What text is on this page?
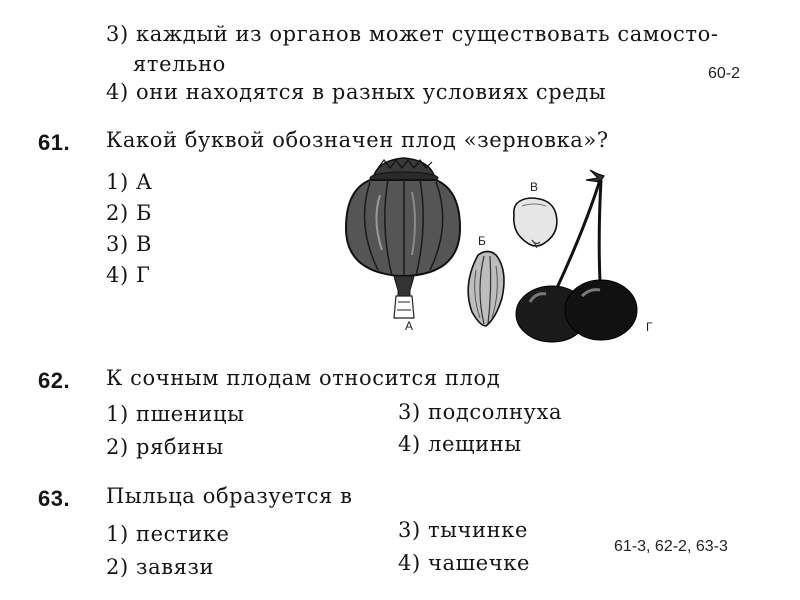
3) каждый из органов может существовать самосто-
ятельно
4) они находятся в разных условиях среды
60-2
61. Какой буквой обозначен плод «зерновка»?
1) А
2) Б
3) В
4) Г
А
Б
В
Г
62. К сочным плодам относится плод
1) пшеницы
2) рябины
3) подсолнуха
4) лещины
63. Пыльца образуется в
1) пестике
2) завязи
3) тычинке
4) чашечке
61-3, 62-2, 63-3
